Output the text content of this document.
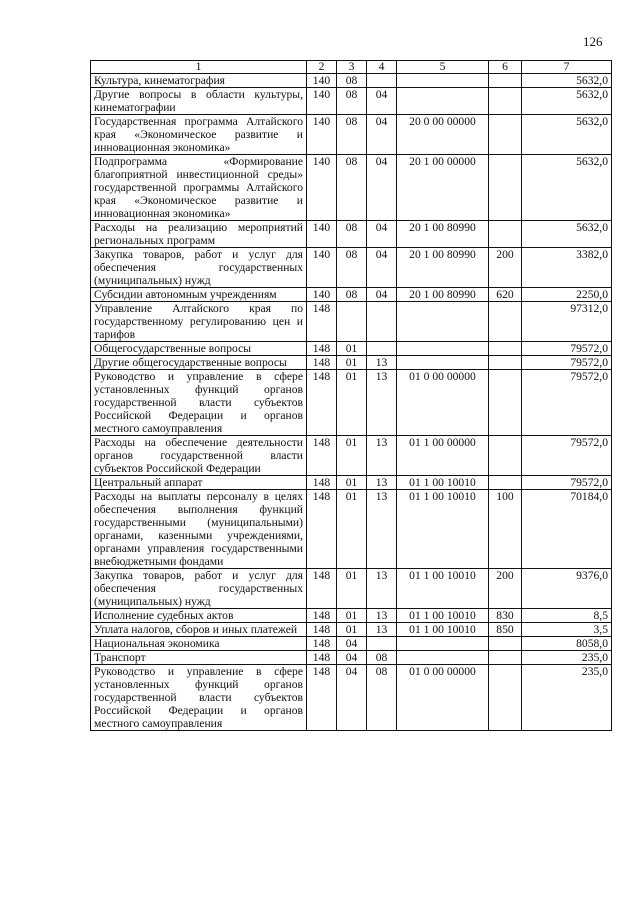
126
1	2	3	4	5	6	7
Культура, кинематография	140	08				5632,0
Другие вопросы в области культуры, кинематографии	140	08	04			5632,0
Государственная программа Алтайского края «Экономическое развитие и инновационная экономика»	140	08	04	20 0 00 00000		5632,0
Подпрограмма «Формирование благоприятной инвестиционной среды» государственной программы Алтайского края «Экономическое развитие и инновационная экономика»	140	08	04	20 1 00 00000		5632,0
Расходы на реализацию мероприятий региональных программ	140	08	04	20 1 00 80990		5632,0
Закупка товаров, работ и услуг для обеспечения государственных (муниципальных) нужд	140	08	04	20 1 00 80990	200	3382,0
Субсидии автономным учреждениям	140	08	04	20 1 00 80990	620	2250,0
Управление Алтайского края по государственному регулированию цен и тарифов	148					97312,0
Общегосударственные вопросы	148	01				79572,0
Другие общегосударственные вопросы	148	01	13			79572,0
Руководство и управление в сфере установленных функций органов государственной власти субъектов Российской Федерации и органов местного самоуправления	148	01	13	01 0 00 00000		79572,0
Расходы на обеспечение деятельности органов государственной власти субъектов Российской Федерации	148	01	13	01 1 00 00000		79572,0
Центральный аппарат	148	01	13	01 1 00 10010		79572,0
Расходы на выплаты персоналу в целях обеспечения выполнения функций государственными (муниципальными) органами, казенными учреждениями, органами управления государственными внебюджетными фондами	148	01	13	01 1 00 10010	100	70184,0
Закупка товаров, работ и услуг для обеспечения государственных (муниципальных) нужд	148	01	13	01 1 00 10010	200	9376,0
Исполнение судебных актов	148	01	13	01 1 00 10010	830	8,5
Уплата налогов, сборов и иных платежей	148	01	13	01 1 00 10010	850	3,5
Национальная экономика	148	04				8058,0
Транспорт	148	04	08			235,0
Руководство и управление в сфере установленных функций органов государственной власти субъектов Российской Федерации и органов местного самоуправления	148	04	08	01 0 00 00000		235,0
